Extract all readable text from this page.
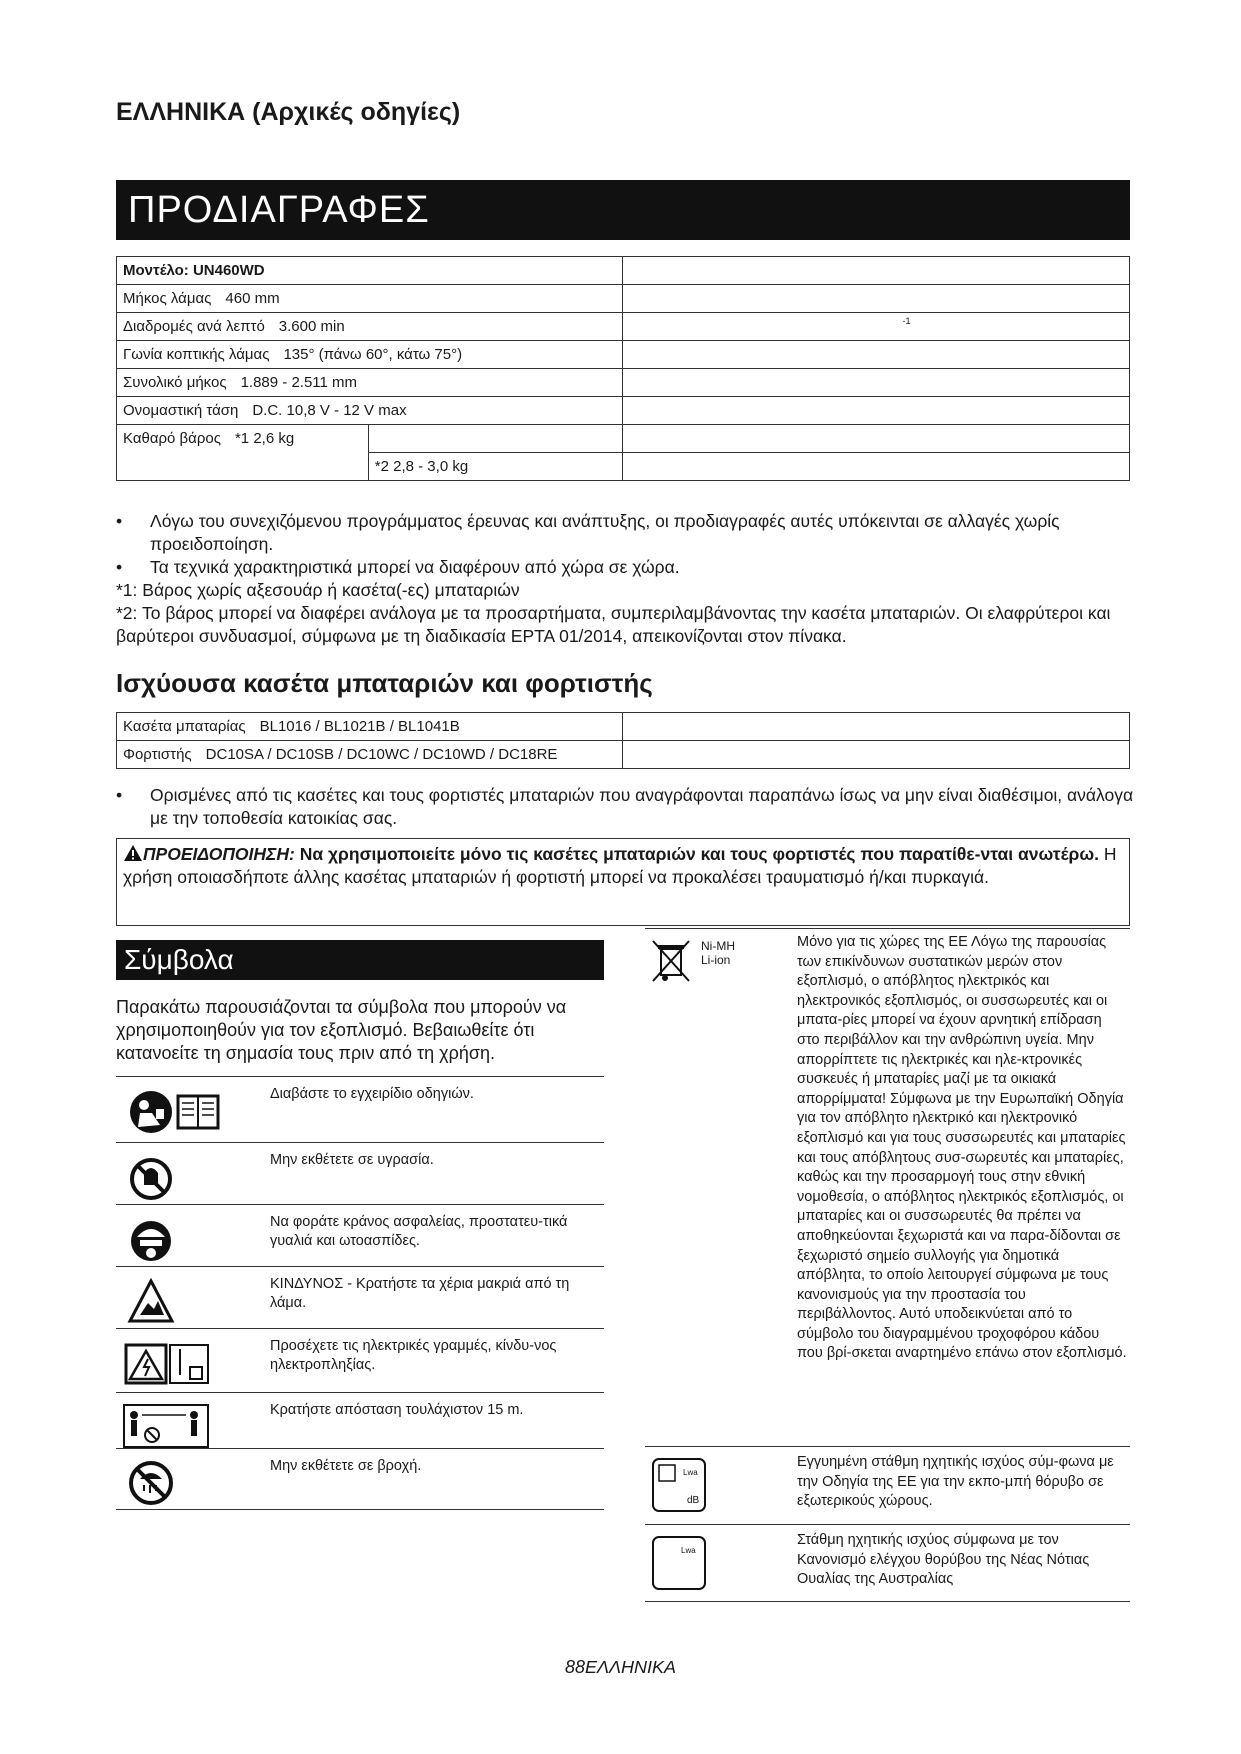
ΕΛΛΗΝΙΚΑ (Αρχικές οδηγίες)
ΠΡΟΔΙΑΓΡΑΦΕΣ
Μοντέλο: UN460WD		
Μήκος λάμας 460 mm		
Διαδρομές ανά λεπτό 3.600 min		-1

Γωνία κοπτικής λάμας 135° (πάνω 60°, κάτω 75°)		
Συνολικό μήκος 1.889 - 2.511 mm		
Ονομαστική τάση D.C. 10,8 V - 12 V max		
Καθαρό βάρος *1 2,6 kg		
	*2 2,8 - 3,0 kg	
• Λόγω του συνεχιζόμενου προγράμματος έρευνας και ανάπτυξης, οι προδιαγραφές αυτές υπόκεινται σε αλλαγές χωρίς προειδοποίηση.
• Τα τεχνικά χαρακτηριστικά μπορεί να διαφέρουν από χώρα σε χώρα.
*1: Βάρος χωρίς αξεσουάρ ή κασέτα(-ες) μπαταριών
*2: Το βάρος μπορεί να διαφέρει ανάλογα με τα προσαρτήματα, συμπεριλαμβάνοντας την κασέτα μπαταριών. Οι ελαφρύτεροι και βαρύτεροι συνδυασμοί, σύμφωνα με τη διαδικασία EPTA 01/2014, απεικονίζονται στον πίνακα.
Ισχύουσα κασέτα μπαταριών και φορτιστής
Κασέτα μπαταρίας BL1016 / BL1021B / BL1041B	
Φορτιστής DC10SA / DC10SB / DC10WC / DC10WD / DC18RE	
• Ορισμένες από τις κασέτες και τους φορτιστές μπαταριών που αναγράφονται παραπάνω ίσως να μην είναι διαθέσιμοι, ανάλογα με την τοποθεσία κατοικίας σας.
ΠΡΟΕΙΔΟΠΟΙΗΣΗ: Να χρησιμοποιείτε μόνο τις κασέτες μπαταριών και τους φορτιστές που παρατίθε-νται ανωτέρω. Η χρήση οποιασδήποτε άλλης κασέτας μπαταριών ή φορτιστή μπορεί να προκαλέσει τραυματισμό ή/και πυρκαγιά.
Σύμβολα
Παρακάτω παρουσιάζονται τα σύμβολα που μπορούν να χρησιμοποιηθούν για τον εξοπλισμό. Βεβαιωθείτε ότι κατανοείτε τη σημασία τους πριν από τη χρήση.
Διαβάστε το εγχειρίδιο οδηγιών.
Μην εκθέτετε σε υγρασία.
Να φοράτε κράνος ασφαλείας, προστατευ-τικά γυαλιά και ωτοασπίδες.
ΚΙΝΔΥΝΟΣ - Κρατήστε τα χέρια μακριά από τη λάμα.
Προσέχετε τις ηλεκτρικές γραμμές, κίνδυ-νος ηλεκτροπληξίας.
Κρατήστε απόσταση τουλάχιστον 15 m.
Μην εκθέτετε σε βροχή.
Ni-MH
Li-ion
Μόνο για τις χώρες της ΕΕ Λόγω της παρουσίας των επικίνδυνων συστατικών μερών στον εξοπλισμό, ο απόβλητος ηλεκτρικός και ηλεκτρονικός εξοπλισμός, οι συσσωρευτές και οι μπατα-ρίες μπορεί να έχουν αρνητική επίδραση στο περιβάλλον και την ανθρώπινη υγεία. Μην απορρίπτετε τις ηλεκτρικές και ηλε-κτρονικές συσκευές ή μπαταρίες μαζί με τα οικιακά απορρίμματα! Σύμφωνα με την Ευρωπαϊκή Οδηγία για τον απόβλητο ηλεκτρικό και ηλεκτρονικό εξοπλισμό και για τους συσσωρευτές και μπαταρίες και τους απόβλητους συσ-σωρευτές και μπαταρίες, καθώς και την προσαρμογή τους στην εθνική νομοθεσία, ο απόβλητος ηλεκτρικός εξοπλισμός, οι μπαταρίες και οι συσσωρευτές θα πρέπει να αποθηκεύονται ξεχωριστά και να παρα-δίδονται σε ξεχωριστό σημείο συλλογής για δημοτικά απόβλητα, το οποίο λειτουργεί σύμφωνα με τους κανονισμούς για την προστασία του περιβάλλοντος. Αυτό υποδεικνύεται από το σύμβολο του διαγραμμένου τροχοφόρου κάδου που βρί-σκεται αναρτημένο επάνω στον εξοπλισμό.
Lwa
dB
Εγγυημένη στάθμη ηχητικής ισχύος σύμ-φωνα με την Οδηγία της ΕΕ για την εκπο-μπή θόρυβο σε εξωτερικούς χώρους.
Lwa
Στάθμη ηχητικής ισχύος σύμφωνα με τον Κανονισμό ελέγχου θορύβου της Νέας Νότιας Ουαλίας της Αυστραλίας
88ΕΛΛΗΝΙΚΑ
